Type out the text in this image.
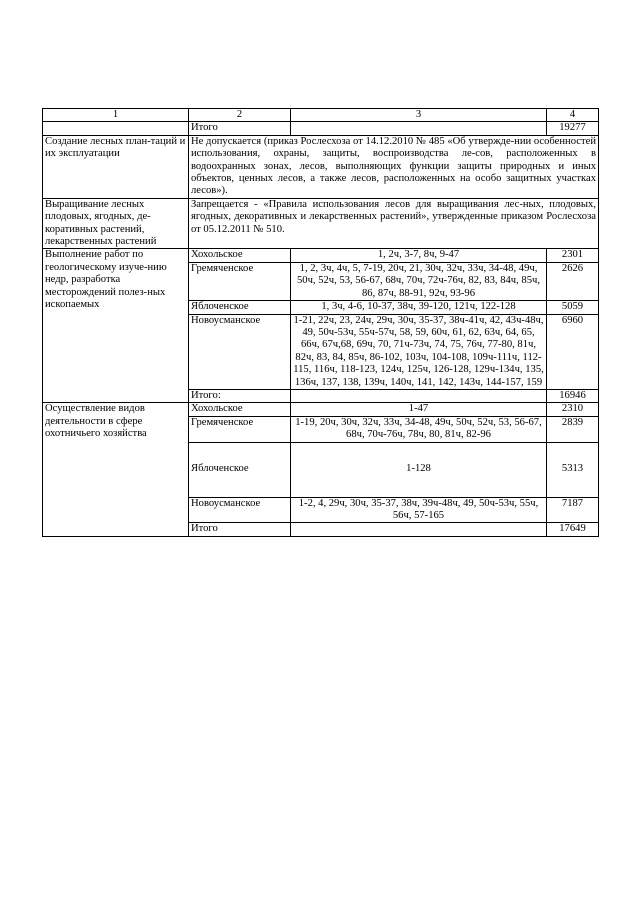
1	2	3	4
	Итого		19277
Создание лесных план-тaций и их эксплуатации	Не допускается (приказ Рослесхоза от 14.12.2010 № 485 «Об утвержде-нии особенностей использования, охраны, защиты, воспроизводства ле-сов, расположенных в водоохранных зонах, лесов, выполняющих функции защиты природных и иных объектов, ценных лесов, а также лесов, расположенных на особо защитных участках лесов»).		
Выращивание лесных плодовых, ягодных, де-коративных растений, лекарственных растений	Запрещается - «Правила использования лесов для выращивания лес-ных, плодовых, ягодных, декоративных и лекарственных растений», утвержденные приказом Рослесхоза от 05.12.2011 № 510.		
Выполнение работ по геологическому изуче-нию недр, разработка месторождений полез-ных ископаемых	Хохольское	1, 2ч, 3-7, 8ч, 9-47	2301
	Гремяченское	1, 2, 3ч, 4ч, 5, 7-19, 20ч, 21, 30ч, 32ч, 33ч, 34-48, 49ч, 50ч, 52ч, 53, 56-67, 68ч, 70ч, 72ч-76ч, 82, 83, 84ч, 85ч, 86, 87ч, 88-91, 92ч, 93-96	2626
	Яблоченское	1, 3ч, 4-6, 10-37, 38ч, 39-120, 121ч, 122-128	5059
	Новоусманское	1-21, 22ч, 23, 24ч, 29ч, 30ч, 35-37, 38ч-41ч, 42, 43ч-48ч, 49, 50ч-53ч, 55ч-57ч, 58, 59, 60ч, 61, 62, 63ч, 64, 65, 66ч, 67ч,68, 69ч, 70, 71ч-73ч, 74, 75, 76ч, 77-80, 81ч, 82ч, 83, 84, 85ч, 86-102, 103ч, 104-108, 109ч-111ч, 112-115, 116ч, 118-123, 124ч, 125ч, 126-128, 129ч-134ч, 135, 136ч, 137, 138, 139ч, 140ч, 141, 142, 143ч, 144-157, 159	6960
	Итого:		16946
Осуществление видов деятельности в сфере охотничьего хозяйства	Хохольское	1-47	2310
	Гремяченское	1-19, 20ч, 30ч, 32ч, 33ч, 34-48, 49ч, 50ч, 52ч, 53, 56-67, 68ч, 70ч-76ч, 78ч, 80, 81ч, 82-96	2839
	Яблоченское	1-128	5313
	Новоусманское	1-2, 4, 29ч, 30ч, 35-37, 38ч, 39ч-48ч, 49, 50ч-53ч, 55ч, 56ч, 57-165	7187
	Итого		17649
